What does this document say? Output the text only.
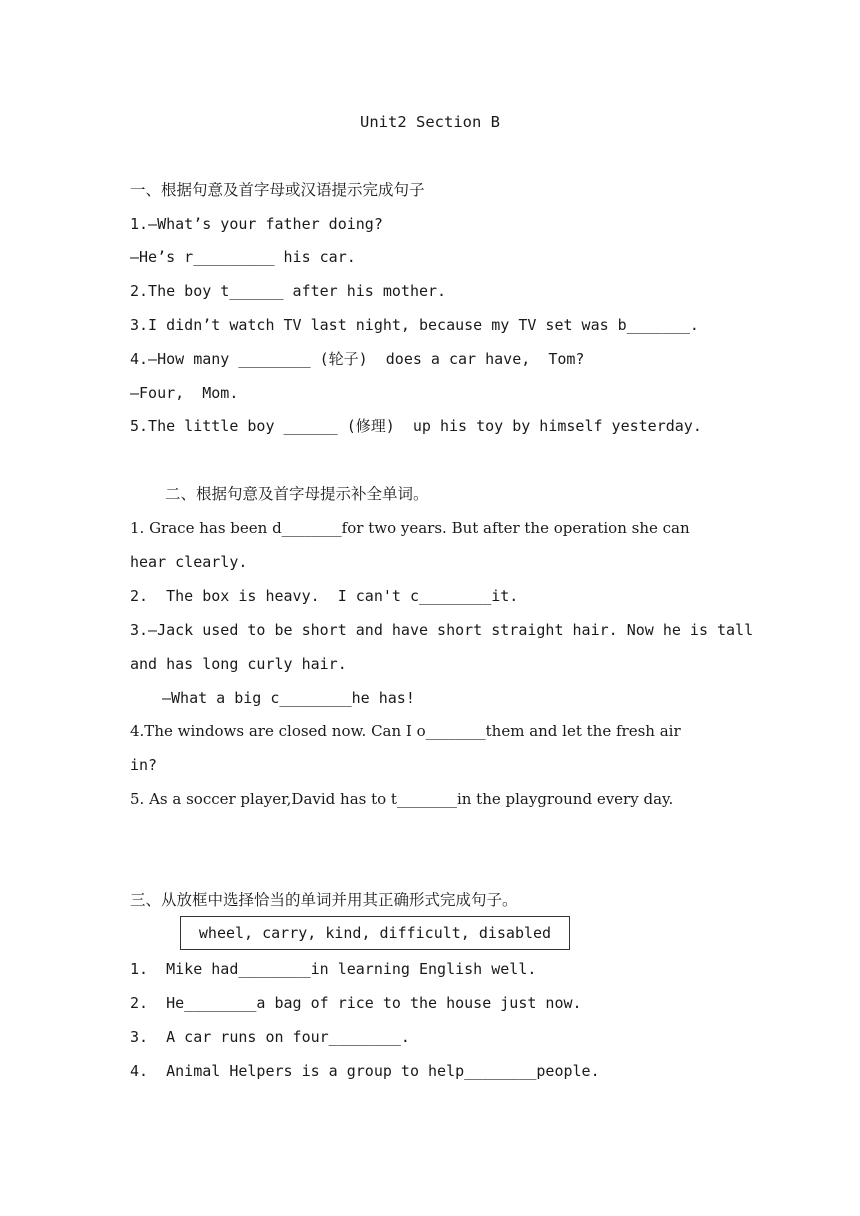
Unit2 Section B
一、根据句意及首字母或汉语提示完成句子
1.—What’s your father doing?
—He’s r_________ his car.
2.The boy t______ after his mother.
3.I didn’t watch TV last night, because my TV set was b_______.
4.—How many ________ (轮子)  does a car have,  Tom?
—Four,  Mom.
5.The little boy ______ (修理)  up his toy by himself yesterday.
二、根据句意及首字母提示补全单词。
1. Grace has been d________for two years. But after the operation she can
hear clearly.
2.  The box is heavy.  I can't c________it.
3.—Jack used to be short and have short straight hair. Now he is tall
and has long curly hair.
—What a big c________he has!
4.The windows are closed now. Can I o________them and let the fresh air
in?
5. As a soccer player,David has to t________in the playground every day.
三、从放框中选择恰当的单词并用其正确形式完成句子。
wheel, carry, kind, difficult, disabled
1.  Mike had________in learning English well.
2.  He________a bag of rice to the house just now.
3.  A car runs on four________.
4.  Animal Helpers is a group to help________people.
